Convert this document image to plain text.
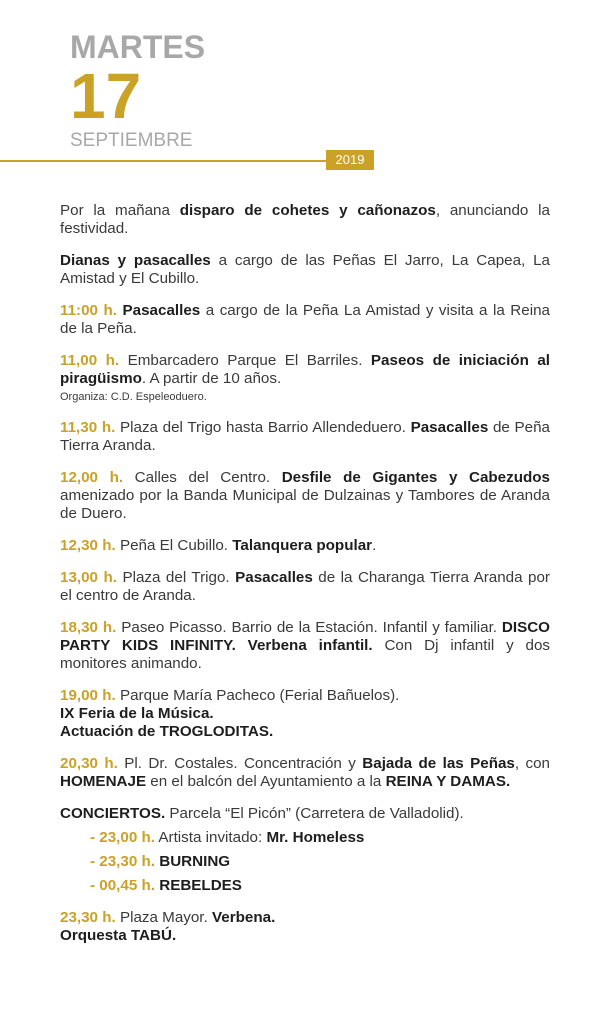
MARTES
17
SEPTIEMBRE
2019

Por la mañana disparo de cohetes y cañonazos, anunciando la festividad.

Dianas y pasacalles a cargo de las Peñas El Jarro, La Capea, La Amistad y El Cubillo.

11:00 h. Pasacalles a cargo de la Peña La Amistad y visita a la Reina de la Peña.

11,00 h. Embarcadero Parque El Barriles. Paseos de iniciación al piragüismo. A partir de 10 años.

Organiza: C.D. Espeleoduero.

11,30 h. Plaza del Trigo hasta Barrio Allendeduero. Pasacalles de Peña Tierra Aranda.

12,00 h. Calles del Centro. Desfile de Gigantes y Cabezudos amenizado por la Banda Municipal de Dulzainas y Tambores de Aranda de Duero.

12,30 h. Peña El Cubillo. Talanquera popular.

13,00 h. Plaza del Trigo. Pasacalles de la Charanga Tierra Aranda por el centro de Aranda.

18,30 h. Paseo Picasso. Barrio de la Estación. Infantil y familiar. DISCO PARTY KIDS INFINITY. Verbena infantil. Con Dj infantil y dos monitores animando.

19,00 h. Parque María Pacheco (Ferial Bañuelos).

IX Feria de la Música.

Actuación de TROGLODITAS.

20,30 h. Pl. Dr. Costales. Concentración y Bajada de las Peñas, con HOMENAJE en el balcón del Ayuntamiento a la REINA Y DAMAS.

CONCIERTOS. Parcela “El Picón” (Carretera de Valladolid).

- 23,00 h. Artista invitado: Mr. Homeless
- 23,30 h. BURNING
- 00,45 h. REBELDES

23,30 h. Plaza Mayor. Verbena.

Orquesta TABÚ.
